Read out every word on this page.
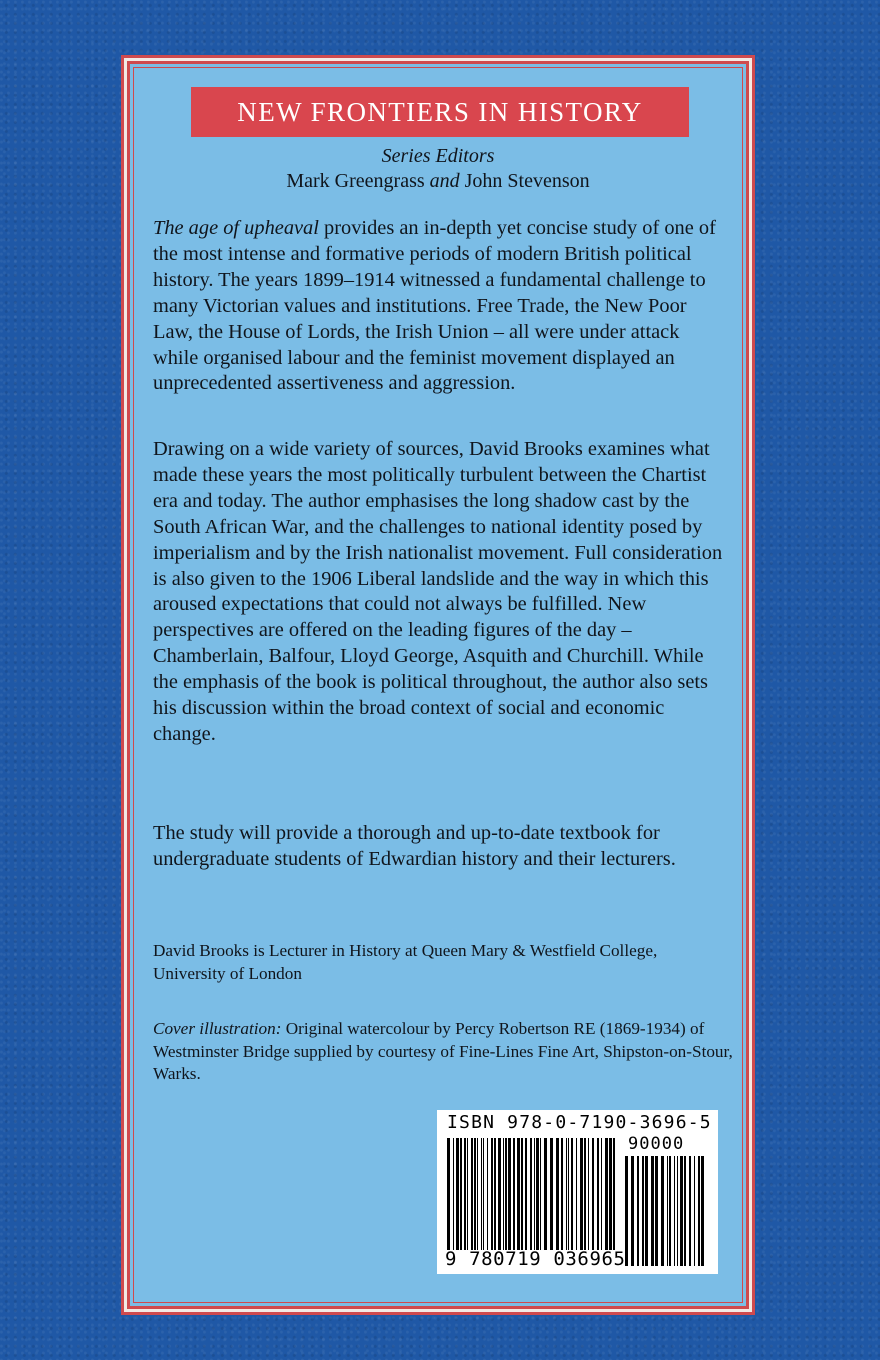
NEW FRONTIERS IN HISTORY
Series Editors
Mark Greengrass and John Stevenson

The age of upheaval provides an in-depth yet concise study of one of the most intense and formative periods of modern British political history. The years 1899–1914 witnessed a fundamental challenge to many Victorian values and institutions. Free Trade, the New Poor Law, the House of Lords, the Irish Union – all were under attack while organised labour and the feminist movement displayed an unprecedented assertiveness and aggression.

Drawing on a wide variety of sources, David Brooks examines what made these years the most politically turbulent between the Chartist era and today. The author emphasises the long shadow cast by the South African War, and the challenges to national identity posed by imperialism and by the Irish nationalist movement. Full consideration is also given to the 1906 Liberal landslide and the way in which this aroused expectations that could not always be fulfilled. New perspectives are offered on the leading figures of the day – Chamberlain, Balfour, Lloyd George, Asquith and Churchill. While the emphasis of the book is political throughout, the author also sets his discussion within the broad context of social and economic change.

The study will provide a thorough and up-to-date textbook for undergraduate students of Edwardian history and their lecturers.

David Brooks is Lecturer in History at Queen Mary & Westfield College, University of London

Cover illustration: Original watercolour by Percy Robertson RE (1869-1934) of Westminster Bridge supplied by courtesy of Fine-Lines Fine Art, Shipston-on-Stour, Warks.

ISBN 978-0-7190-3696-5
90000
9 780719 036965
